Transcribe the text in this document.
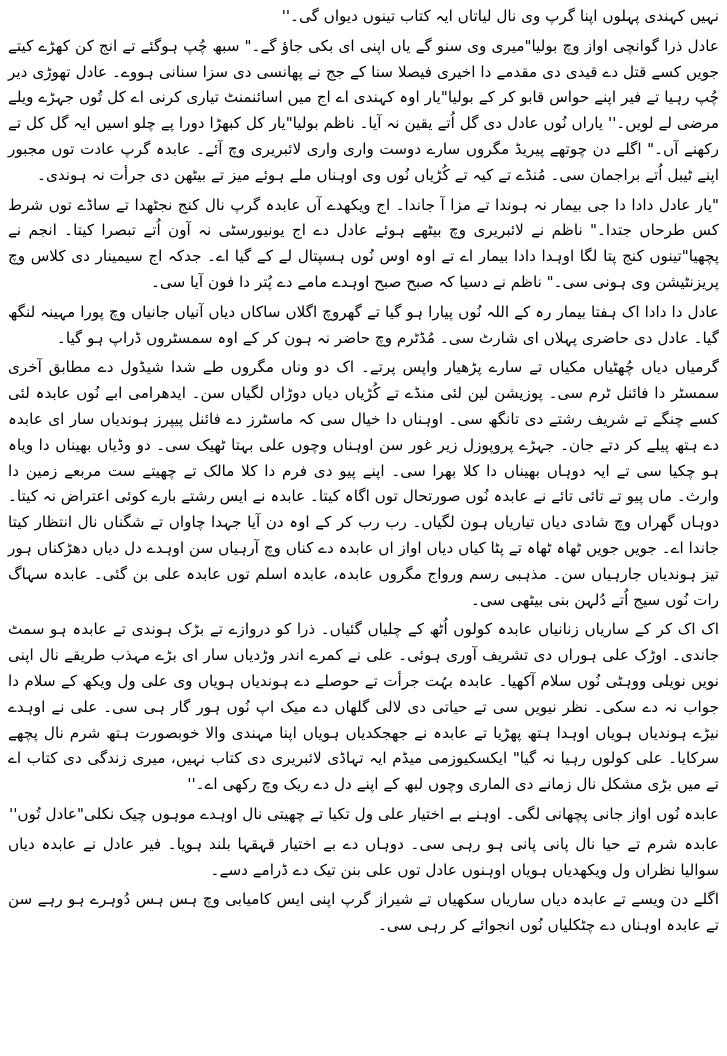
نہیں کہندی پہلوں اپنا گرپ وی نال لیاتاں ایہ کتاب تینوں دیواں گی۔''

عادل ذرا گوانچی اواز وچ بولیا"میری وی سنو گے یاں اپنی ای بکی جاؤ گے۔" سبھ چُپ ہوگئے تے انج کن کھڑے کیتے جویں کسے قتل دے قیدی دی مقدمے دا اخیری فیصلا سنا کے جج نے پھانسی دی سزا سنانی ہووے۔ عادل تھوڑی دیر چُپ رہیا تے فیر اپنے حواس قابو کر کے بولیا"یار اوہ کہندی اے اج میں اسائنمنٹ تیاری کرنی اے کل تُوں جہڑے ویلے مرضی لے لویں۔'' یاراں نُوں عادل دی گل اُتے یقین نہ آیا۔ ناظم بولیا"یار کل کبھڑا دورا پے چلو اسیں ایہ گل کل تے رکھنے آں۔" اگلے دن چوتھے پیریڈ مگروں سارے دوست واری واری لائبریری وچ آئے۔ عابدہ گرپ عادت توں مجبور اپنے ٹیبل اُتے براجمان سی۔ مُنڈے تے کیہ تے کُڑیاں نُوں وی اوہناں ملے ہوئے میز تے بیٹھن دی جرأت نہ ہوندی۔

"یار عادل دادا دا جی بیمار نہ ہوندا تے مزا آ جاندا۔ اج ویکھدے آں عابدہ گرپ نال کنج نجٹھدا تے ساڈے توں شرط کس طرحاں جتدا۔" ناظم نے لائبریری وچ بیٹھے ہوئے عادل دے اج یونیورسٹی نہ آون اُتے تبصرا کیتا۔ انجم نے پچھیا"تینوں کنج پتا لگا اوہدا دادا بیمار اے تے اوہ اوس نُوں ہسپتال لے کے گیا اے۔ جدکہ اج سیمینار دی کلاس وچ پریزنٹیشن وی ہونی سی۔" ناظم نے دسیا کہ صبح صبح اوہدے مامے دے پُتر دا فون آیا سی۔

عادل دا دادا اک ہفتا بیمار رہ کے اللہ نُوں پیارا ہو گیا تے گھروچ اگلاں ساکاں دیاں آنیاں جانیاں وچ پورا مہینہ لنگھ گیا۔ عادل دی حاضری پہلاں ای شارٹ سی۔ مُڈٹرم وچ حاضر نہ ہون کر کے اوہ سمسٹروں ڈراپ ہو گیا۔

گرمیاں دیاں چُھٹیاں مکیاں تے سارے پڑھیار واپس پرتے۔ اک دو وناں مگروں طے شدا شیڈول دے مطابق آخری سمسٹر دا فائنل ٹرم سی۔ پوزیشن لین لئی منڈے تے کُڑیاں دیاں دوڑاں لگیاں سن۔ ایدھرامی ابے نُوں عابدہ لئی کسے چنگے تے شریف رشتے دی تانگھ سی۔ اوہناں دا خیال سی کہ ماسٹرز دے فائنل پیپرز ہوندیاں سار ای عابدہ دے ہتھ پیلے کر دتے جان۔ جہڑے پروپوزل زیر غور سن اوہناں وچوں علی بہتا ٹھیک سی۔ دو وڈیاں بھیناں دا ویاہ ہو چکیا سی تے ایہ دوہاں بھیناں دا کلا بھرا سی۔ اپنے پیو دی فرم دا کلا مالک تے چھیتے ست مربعے زمین دا وارث۔ ماں پیو تے تائی تائے نے عابدہ نُوں صورتحال توں اگاہ کیتا۔ عابدہ نے ایس رشتے بارے کوئی اعتراض نہ کیتا۔ دوہاں گھراں وچ شادی دیاں تیاریاں ہون لگیاں۔ رب رب کر کے اوہ دن آیا جہدا چاواں تے شگناں نال انتظار کیتا جاندا اے۔ جویں جویں ٹھاہ ٹھاہ تے پٹا کیاں دیاں اواز اں عابدہ دے کناں وچ آرہیاں سن اوہدے دل دیاں دھڑکناں ہور تیز ہوندیاں جارہیاں سن۔ مذہبی رسم ورواج مگروں عابدہ، عابدہ اسلم توں عابدہ علی بن گئی۔ عابدہ سہاگ رات نُوں سیج اُتے دُلہن بنی بیٹھی سی۔

اک اک کر کے ساریاں زنانیاں عابدہ کولوں اُٹھ کے چلیاں گئیاں۔ ذرا کو دروازے تے بڑک ہوندی تے عابدہ ہو سمٹ جاندی۔ اوڑک علی ہوراں دی تشریف آوری ہوئی۔ علی نے کمرے اندر وڑدیاں سار ای بڑے مہذب طریقے نال اپنی نویں نویلی ووہٹی نُوں سلام آکھیا۔ عابدہ بہُت جرأت تے حوصلے دے ہوندیاں ہویاں وی علی ول ویکھ کے سلام دا جواب نہ دے سکی۔ نظر نیویں سی تے حیاتی دی لالی گلھاں دے میک اپ نُوں ہور گار ہی سی۔ علی نے اوہدے نیڑے ہوندیاں ہویاں اوہدا ہتھ پھڑیا تے عابدہ نے جھجکدیاں ہویاں اپنا مہندی والا خوبصورت ہتھ شرم نال پچھے سرکایا۔ علی کولوں رہیا نہ گیا" ایکسکیوزمی میڈم ایہ تہاڈی لائبریری دی کتاب نہیں، میری زندگی دی کتاب اے تے میں بڑی مشکل نال زمانے دی الماری وچوں لبھ کے اپنے دل دے ریک وچ رکھی اے۔''

عابدہ نُوں اواز جانی پچھانی لگی۔ اوہنے بے اختیار علی ول تکیا تے چھیتی نال اوہدے موہوں چیک نکلی"عادل تُوں''

عابدہ شرم تے حیا نال پانی پانی ہو رہی سی۔ دوہاں دے بے اختیار قہقہا بلند ہویا۔ فیر عادل نے عابدہ دیاں سوالیا نظراں ول ویکھدیاں ہویاں اوہنوں عادل توں علی بنن تیک دے ڈرامے دسے۔

اگلے دن ویسے تے عابدہ دیاں ساریاں سکھیاں تے شیراز گرپ اپنی ایس کامیابی وچ ہس ہس دُوہرے ہو رہے سن تے عابدہ اوہناں دے چٹکلیاں نُوں انجوائے کر رہی سی۔
